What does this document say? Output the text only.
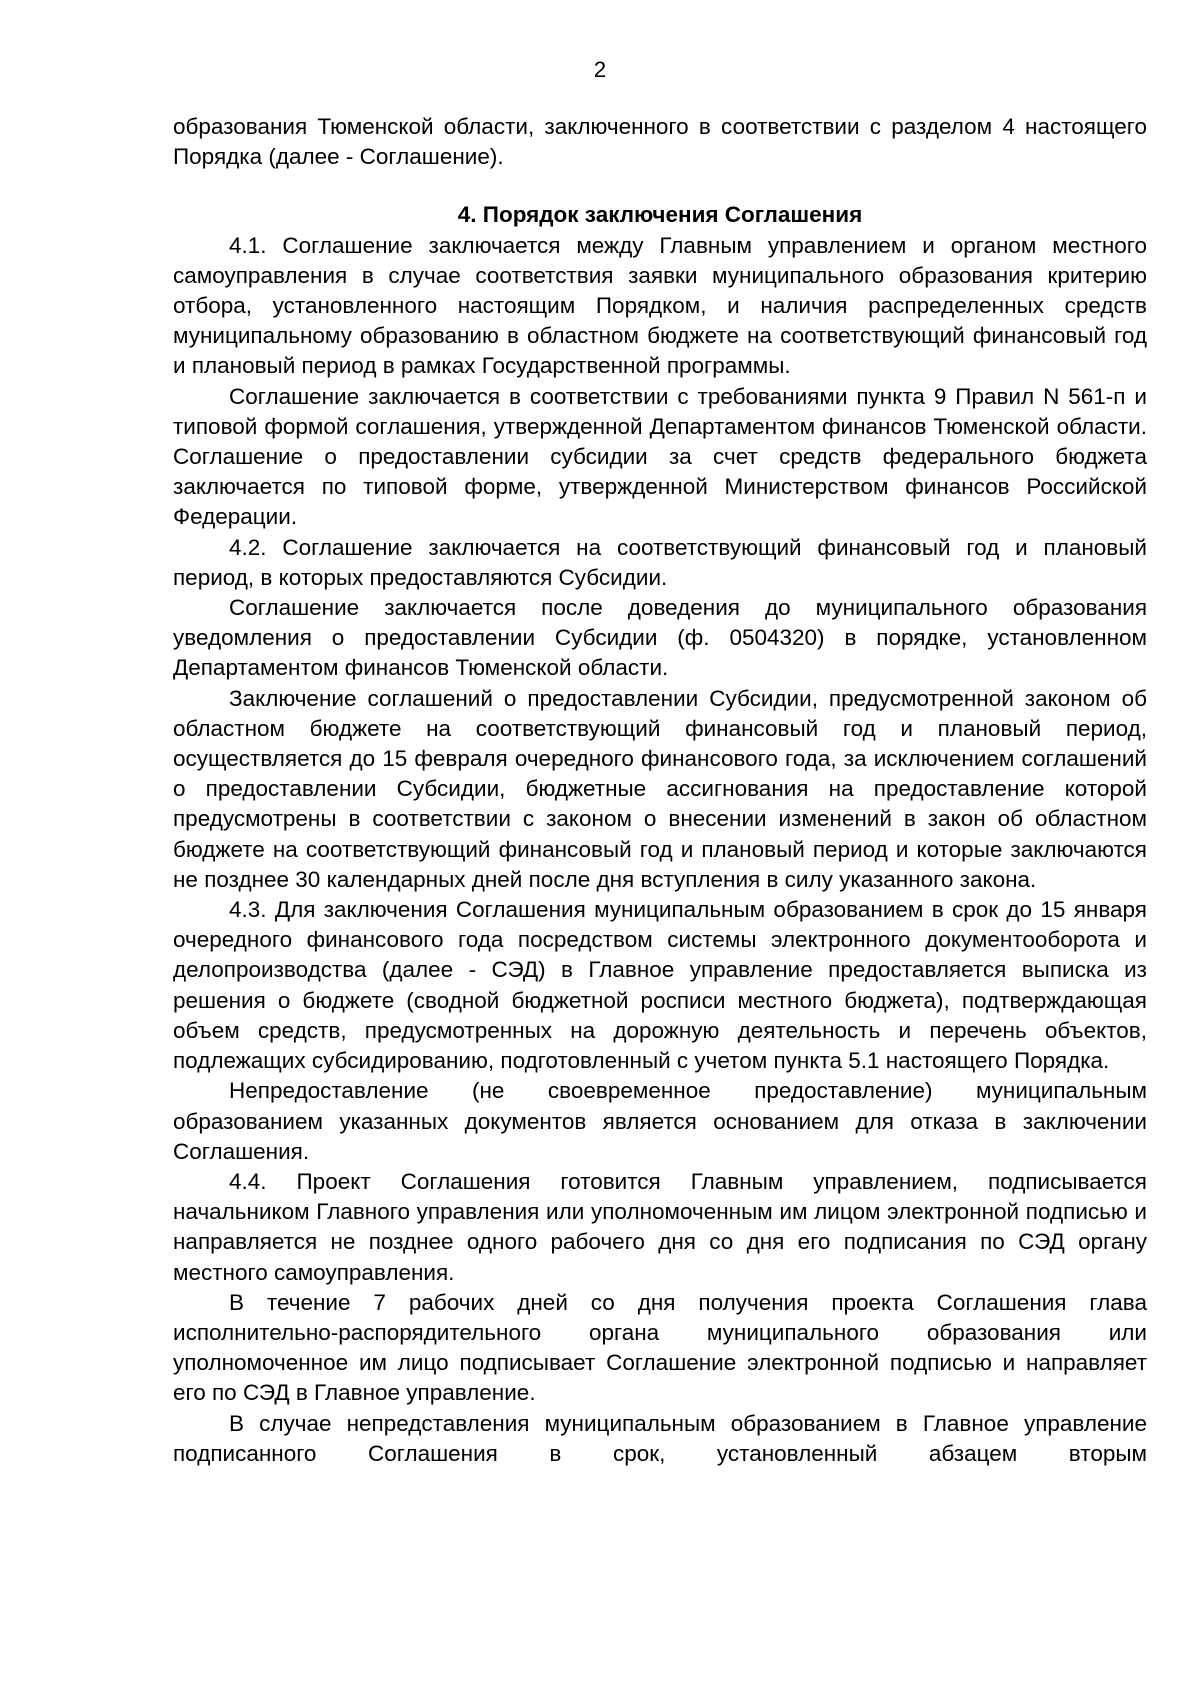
2

образования Тюменской области, заключенного в соответствии с разделом 4 настоящего Порядка (далее - Соглашение).

4. Порядок заключения Соглашения

4.1. Соглашение заключается между Главным управлением и органом местного самоуправления в случае соответствия заявки муниципального образования критерию отбора, установленного настоящим Порядком, и наличия распределенных средств муниципальному образованию в областном бюджете на соответствующий финансовый год и плановый период в рамках Государственной программы.

Соглашение заключается в соответствии с требованиями пункта 9 Правил N 561-п и типовой формой соглашения, утвержденной Департаментом финансов Тюменской области. Соглашение о предоставлении субсидии за счет средств федерального бюджета заключается по типовой форме, утвержденной Министерством финансов Российской Федерации.

4.2. Соглашение заключается на соответствующий финансовый год и плановый период, в которых предоставляются Субсидии.

Соглашение заключается после доведения до муниципального образования уведомления о предоставлении Субсидии (ф. 0504320) в порядке, установленном Департаментом финансов Тюменской области.

Заключение соглашений о предоставлении Субсидии, предусмотренной законом об областном бюджете на соответствующий финансовый год и плановый период, осуществляется до 15 февраля очередного финансового года, за исключением соглашений о предоставлении Субсидии, бюджетные ассигнования на предоставление которой предусмотрены в соответствии с законом о внесении изменений в закон об областном бюджете на соответствующий финансовый год и плановый период и которые заключаются не позднее 30 календарных дней после дня вступления в силу указанного закона.

4.3. Для заключения Соглашения муниципальным образованием в срок до 15 января очередного финансового года посредством системы электронного документооборота и делопроизводства (далее - СЭД) в Главное управление предоставляется выписка из решения о бюджете (сводной бюджетной росписи местного бюджета), подтверждающая объем средств, предусмотренных на дорожную деятельность и перечень объектов, подлежащих субсидированию, подготовленный с учетом пункта 5.1 настоящего Порядка.

Непредоставление (не своевременное предоставление) муниципальным образованием указанных документов является основанием для отказа в заключении Соглашения.

4.4. Проект Соглашения готовится Главным управлением, подписывается начальником Главного управления или уполномоченным им лицом электронной подписью и направляется не позднее одного рабочего дня со дня его подписания по СЭД органу местного самоуправления.

В течение 7 рабочих дней со дня получения проекта Соглашения глава исполнительно-распорядительного органа муниципального образования или уполномоченное им лицо подписывает Соглашение электронной подписью и направляет его по СЭД в Главное управление.

В случае непредставления муниципальным образованием в Главное управление подписанного Соглашения в срок, установленный абзацем вторым
